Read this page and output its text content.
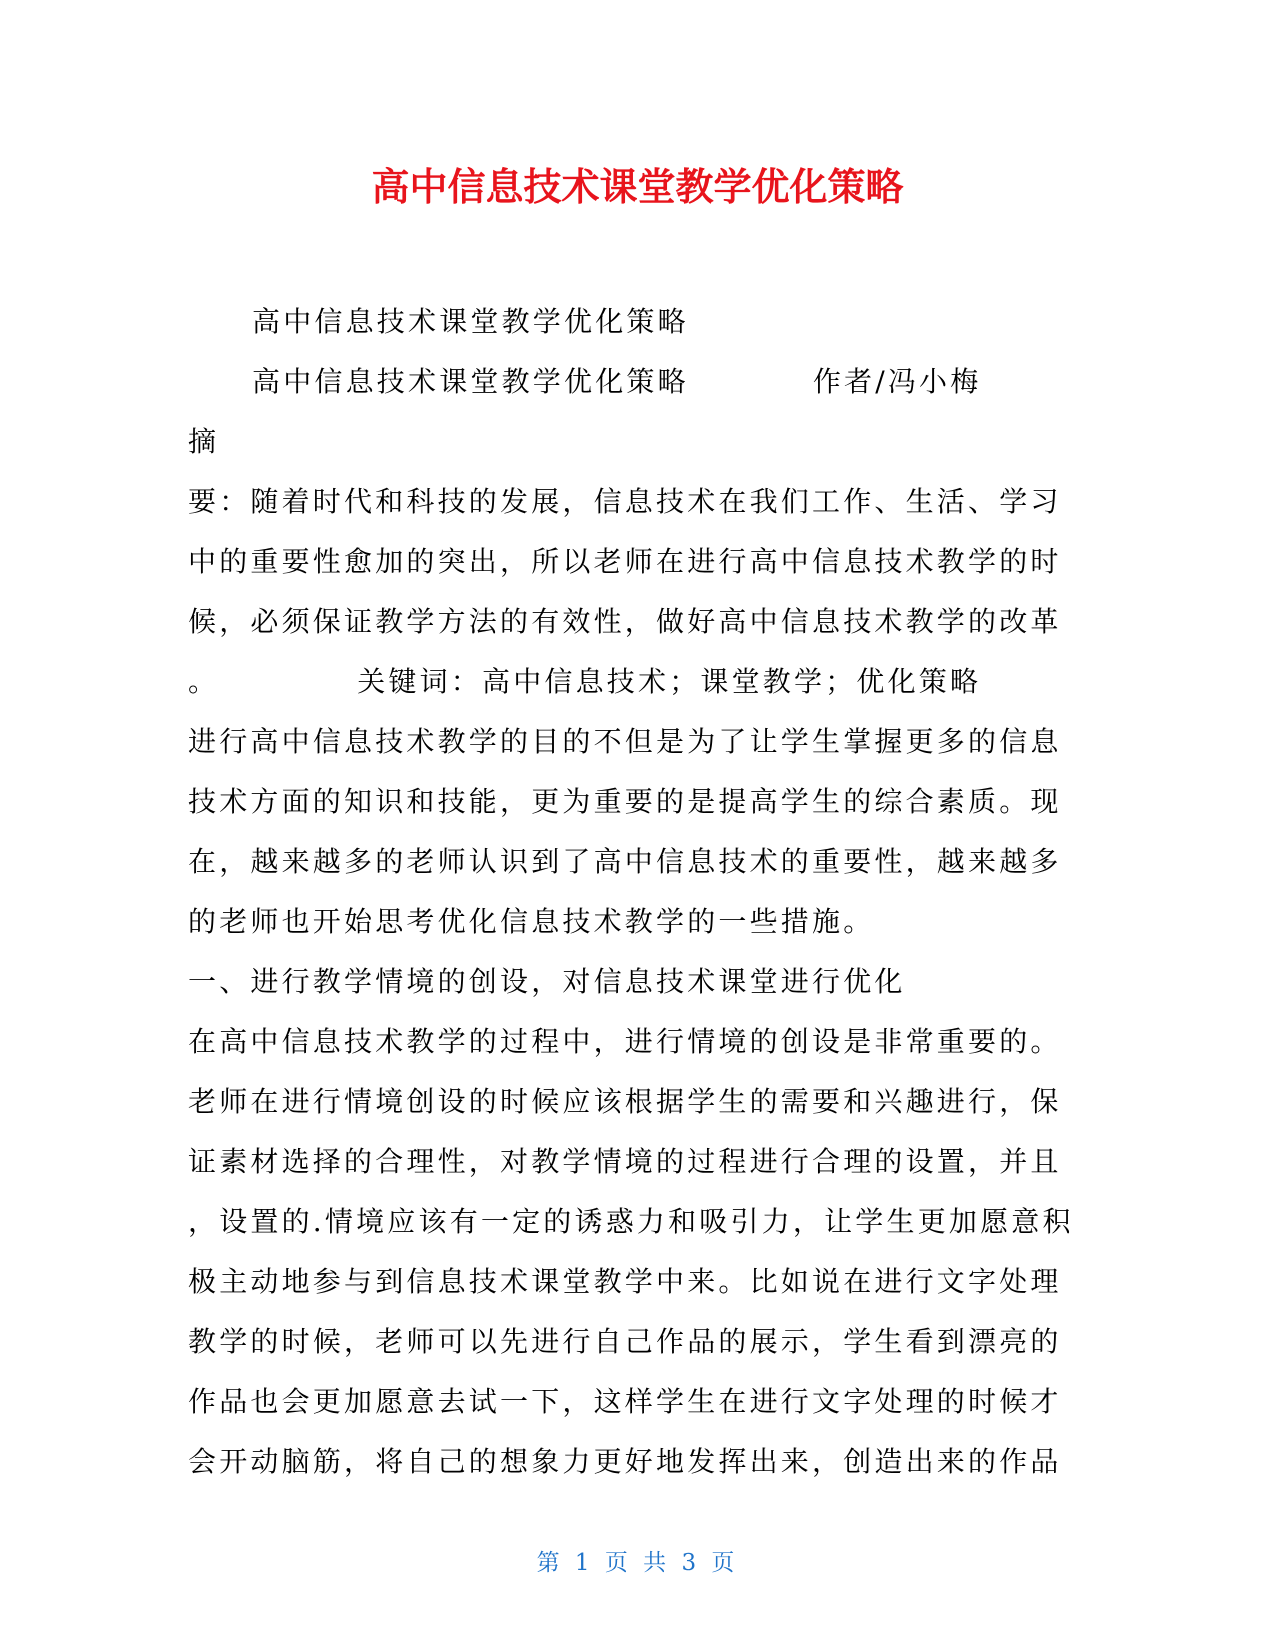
高中信息技术课堂教学优化策略

高中信息技术课堂教学优化策略

高中信息技术课堂教学优化策略	作者/冯小梅

摘

要：随着时代和科技的发展，信息技术在我们工作、生活、学习

中的重要性愈加的突出，所以老师在进行高中信息技术教学的时

候，必须保证教学方法的有效性，做好高中信息技术教学的改革

。	关键词：高中信息技术；课堂教学；优化策略

进行高中信息技术教学的目的不但是为了让学生掌握更多的信息

技术方面的知识和技能，更为重要的是提高学生的综合素质。现

在，越来越多的老师认识到了高中信息技术的重要性，越来越多

的老师也开始思考优化信息技术教学的一些措施。

一、进行教学情境的创设，对信息技术课堂进行优化

在高中信息技术教学的过程中，进行情境的创设是非常重要的。

老师在进行情境创设的时候应该根据学生的需要和兴趣进行，保

证素材选择的合理性，对教学情境的过程进行合理的设置，并且

，设置的.情境应该有一定的诱惑力和吸引力，让学生更加愿意积

极主动地参与到信息技术课堂教学中来。比如说在进行文字处理

教学的时候，老师可以先进行自己作品的展示，学生看到漂亮的

作品也会更加愿意去试一下，这样学生在进行文字处理的时候才

会开动脑筋，将自己的想象力更好地发挥出来，创造出来的作品

第 1 页 共 3 页
